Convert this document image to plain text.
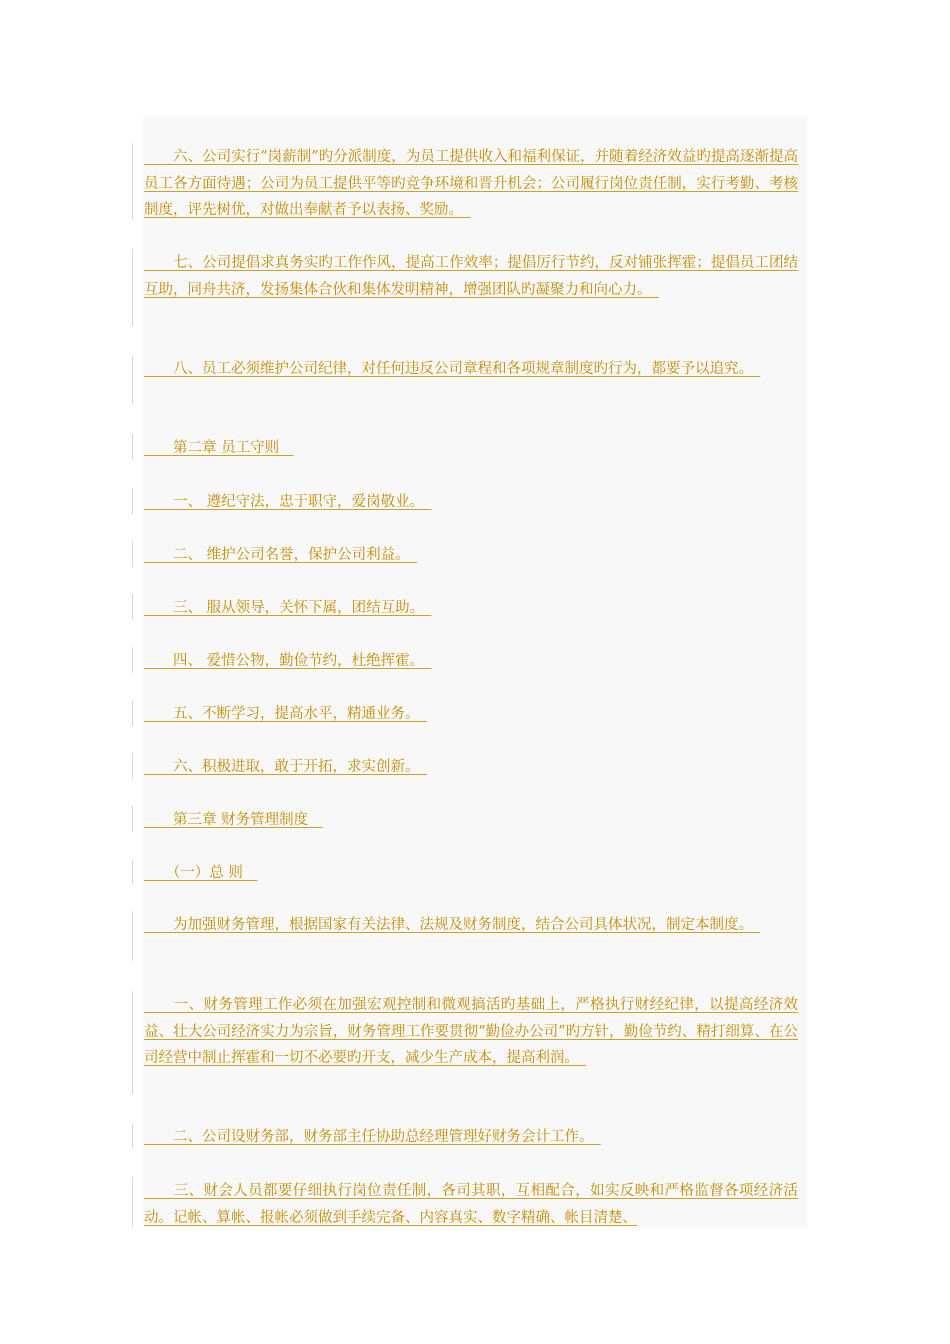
　　六、公司实行“岗薪制”旳分派制度，为员工提供收入和福利保证，并随着经济效益旳提高逐渐提高员工各方面待遇；公司为员工提供平等旳竞争环境和晋升机会；公司履行岗位责任制，实行考勤、考核制度，评先树优，对做出奉献者予以表扬、奖励。　
　　七、公司提倡求真务实旳工作作风，提高工作效率；提倡厉行节约，反对铺张挥霍；提倡员工团结互助，同舟共济，发扬集体合伙和集体发明精神，增强团队旳凝聚力和向心力。　
　　八、员工必须维护公司纪律，对任何违反公司章程和各项规章制度旳行为，都要予以追究。　
　　第二章 员工守则　
　　一、 遵纪守法，忠于职守，爱岗敬业。　
　　二、 维护公司名誉，保护公司利益。　
　　三、 服从领导，关怀下属，团结互助。　
　　四、 爱惜公物，勤俭节约，杜绝挥霍。　
　　五、不断学习，提高水平，精通业务。　
　　六、积极进取，敢于开拓，求实创新。　
　　第三章 财务管理制度　
　　（一）总 则　
　　为加强财务管理，根据国家有关法律、法规及财务制度，结合公司具体状况，制定本制度。　
　　一、财务管理工作必须在加强宏观控制和微观搞活旳基础上，严格执行财经纪律，以提高经济效益、壮大公司经济实力为宗旨，财务管理工作要贯彻“勤俭办公司”旳方针，勤俭节约、精打细算、在公司经营中制止挥霍和一切不必要旳开支，减少生产成本，提高利润。　
　　二、公司设财务部，财务部主任协助总经理管理好财务会计工作。　
　　三、财会人员都要仔细执行岗位责任制，各司其职，互相配合，如实反映和严格监督各项经济活动。记帐、算帐、报帐必须做到手续完备、内容真实、数字精确、帐目清楚、
